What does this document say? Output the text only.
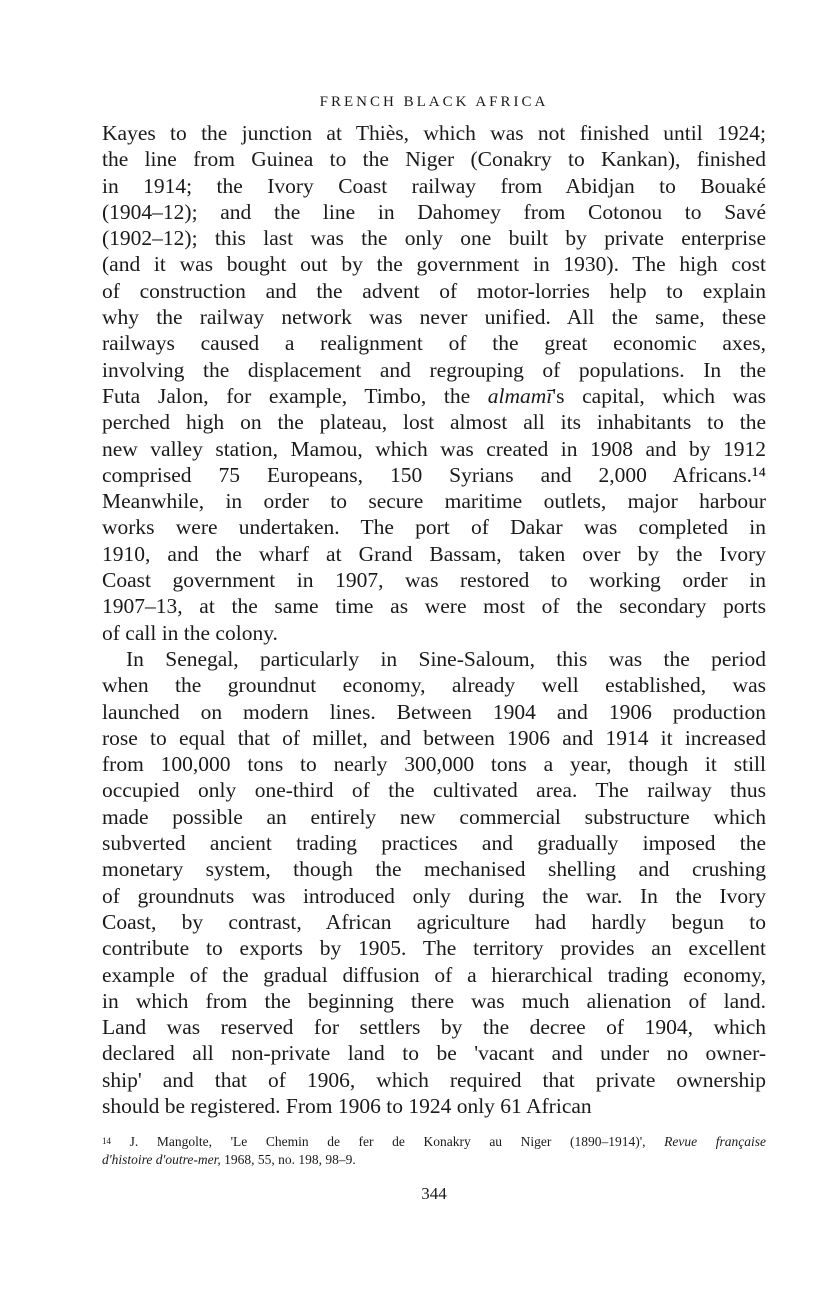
FRENCH BLACK AFRICA

Kayes to the junction at Thiès, which was not finished until 1924;
the line from Guinea to the Niger (Conakry to Kankan), finished
in 1914; the Ivory Coast railway from Abidjan to Bouaké
(1904–12); and the line in Dahomey from Cotonou to Savé
(1902–12); this last was the only one built by private enterprise
(and it was bought out by the government in 1930). The high cost
of construction and the advent of motor-lorries help to explain
why the railway network was never unified. All the same, these
railways caused a realignment of the great economic axes,
involving the displacement and regrouping of populations. In the
Futa Jalon, for example, Timbo, the almamī's capital, which was
perched high on the plateau, lost almost all its inhabitants to the
new valley station, Mamou, which was created in 1908 and by 1912
comprised 75 Europeans, 150 Syrians and 2,000 Africans.¹⁴
Meanwhile, in order to secure maritime outlets, major harbour
works were undertaken. The port of Dakar was completed in
1910, and the wharf at Grand Bassam, taken over by the Ivory
Coast government in 1907, was restored to working order in
1907–13, at the same time as were most of the secondary ports
of call in the colony.

In Senegal, particularly in Sine-Saloum, this was the period
when the groundnut economy, already well established, was
launched on modern lines. Between 1904 and 1906 production
rose to equal that of millet, and between 1906 and 1914 it increased
from 100,000 tons to nearly 300,000 tons a year, though it still
occupied only one-third of the cultivated area. The railway thus
made possible an entirely new commercial substructure which
subverted ancient trading practices and gradually imposed the
monetary system, though the mechanised shelling and crushing
of groundnuts was introduced only during the war. In the Ivory
Coast, by contrast, African agriculture had hardly begun to
contribute to exports by 1905. The territory provides an excellent
example of the gradual diffusion of a hierarchical trading economy,
in which from the beginning there was much alienation of land.
Land was reserved for settlers by the decree of 1904, which
declared all non-private land to be 'vacant and under no owner-
ship' and that of 1906, which required that private ownership
should be registered. From 1906 to 1924 only 61 African

$^{14}$ J. Mangolte, 'Le Chemin de fer de Konakry au Niger (1890–1914)', Revue française
d'histoire d'outre-mer, 1968, 55, no. 198, 98–9.
344
